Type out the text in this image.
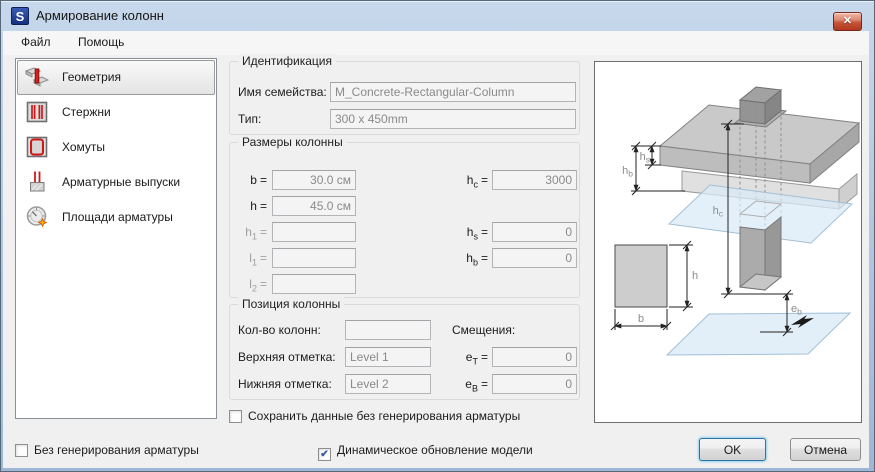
S Армирование колонн	✕
Файл Помощь
Геометрия
Стержни
Хомуты
Арматурные выпуски
Площади арматуры
Идентификация
Имя семейства:
M_Concrete-Rectangular-Column
Тип:
300 x 450mm
Размеры колонны
b =
30.0 см
h =
45.0 см
$h_1$ =
$l_1$ =
$l_2$ =
$h_c$ =
3000
$h_s$ =
0
$h_b$ =
0
Позиция колонны
Кол-во колонн:
Верхняя отметка:
Level 1
Нижняя отметка:
Level 2
Смещения:
$e_T$ =
0
$e_B$ =
0
Сохранить данные без генерирования арматуры
$h_c$
$h_s$
$h_b$
$e_b$
h
b
Без генерирования арматуры	✔ Динамическое обновление модели	OK	Отмена
